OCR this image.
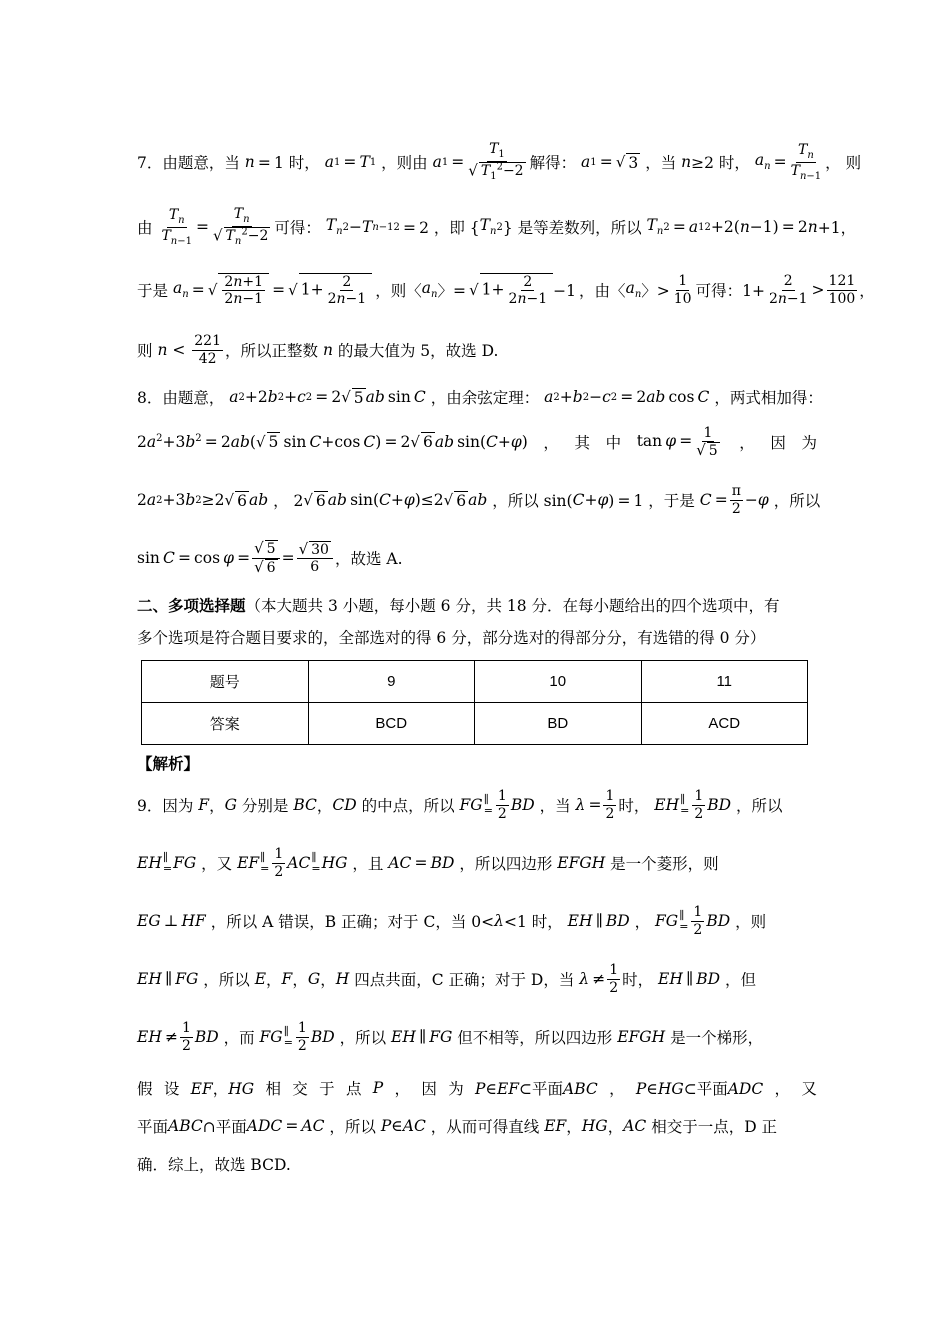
7．由题意，当 n  = 1 时， a 1  =  T 1 ，则由 a $1 = \frac{T_1}{√ T_1^2-2}$ 解得： a 1  =  √ 3 ，当 n ≥2 时， $a_n = \frac{T_n}{T_{n-1}}$ ， 则
由 $\frac{T_n}{T_{n-1}} = \frac{T_n}{√ T_n^2-2}$ 可得： $T_n$ 2 − T n−1 2  = 2 ，即 { $T_n$ 2 } 是等差数列，所以 $T_n$ 2  =  a 1 2 +2( n −1) = 2 n +1，
于是 $a_n$  =  √ $\frac{2n+1}{2n-1}$  =  √ $1+ \frac{2}{2n-1}$  ，则〈 $a_n$ 〉=  √ $1+ \frac{2}{2n-1} -1$ ，由〈 $a_n$ 〉> $\frac{1}{10}$ 可得：$1+ \frac{2}{2n-1} > \frac{121}{100}$ ，
则 $n < \frac{221}{42}$ ，所以正整数 n 的最大值为 5，故选 D.
8．由题意， a 2 +2 b 2 + c 2  = 2 √ 5 ab  sin  C ，由余弦定理： a 2 + b 2 − c 2  = 2 ab  cos  C ，两式相加得：
$2a^2+3b^2 = 2ab(√$ 5 sin C+cos C) = 2√ 6 ab sin(C+φ) ， 其 中 $\tan \varphi = \frac{1}{√ 5}$ ， 因 为
2 a 2 +3 b 2 ≥2 √ 6 ab ， 2 √ 6 ab  sin( C + φ )≤2 √ 6 ab ，所以 sin( C + φ ) = 1 ，于是 $C = \frac{\pi}{2} - \varphi$ ，所以
$\sin C = \cos \varphi = \frac{√ 5}{√ 6} = \frac{√ 30}{6}$ ，故选 A.
二、多项选择题 （本大题共 3 小题，每小题 6 分，共 18 分．在每小题给出的四个选项中，有
多个选项是符合题目要求的，全部选对的得 6 分，部分选对的得部分分，有选错的得 0 分）
题号	9	10	11
答案	BCD	BD	ACD
【解析】
9．因为 F ， G 分别是 BC ， CD 的中点，所以 FG ∥
= $\frac{1}{2}$ BD ，当 $\lambda = \frac{1}{2}$ 时， EH ∥
= $\frac{1}{2}$ BD ，所以
EH ∥
= FG ，又 EF ∥
= $\frac{1}{2}$ AC ∥
= HG ，且 AC  =  BD ，所以四边形 EFGH 是一个菱形，则
EG  ⊥  HF ，所以 A 错误，B 正确；对于 C，当 0< λ <1 时， EH  ∥  BD ， FG ∥
= $\frac{1}{2}$ BD ，则
EH  ∥  FG ，所以 E ， F ， G ， H 四点共面，C 正确；对于 D，当 $\lambda \ne \frac{1}{2}$ 时， EH  ∥  BD ，但
EH  ≠ $\frac{1}{2}$ BD ，而 FG ∥
= $\frac{1}{2}$ BD ，所以 EH  ∥  FG 但不相等，所以四边形 EFGH 是一个梯形，
假 设 EF，HG 相 交 于 点 P ， 因 为 P∈EF⊂平面ABC ， P∈HG⊂平面ADC ， 又
平面 ABC ∩平面 ADC  =  AC ，所以 P ∈ AC ，从而可得直线 EF ， HG ， AC 相交于一点，D 正
确．综上，故选 BCD.
